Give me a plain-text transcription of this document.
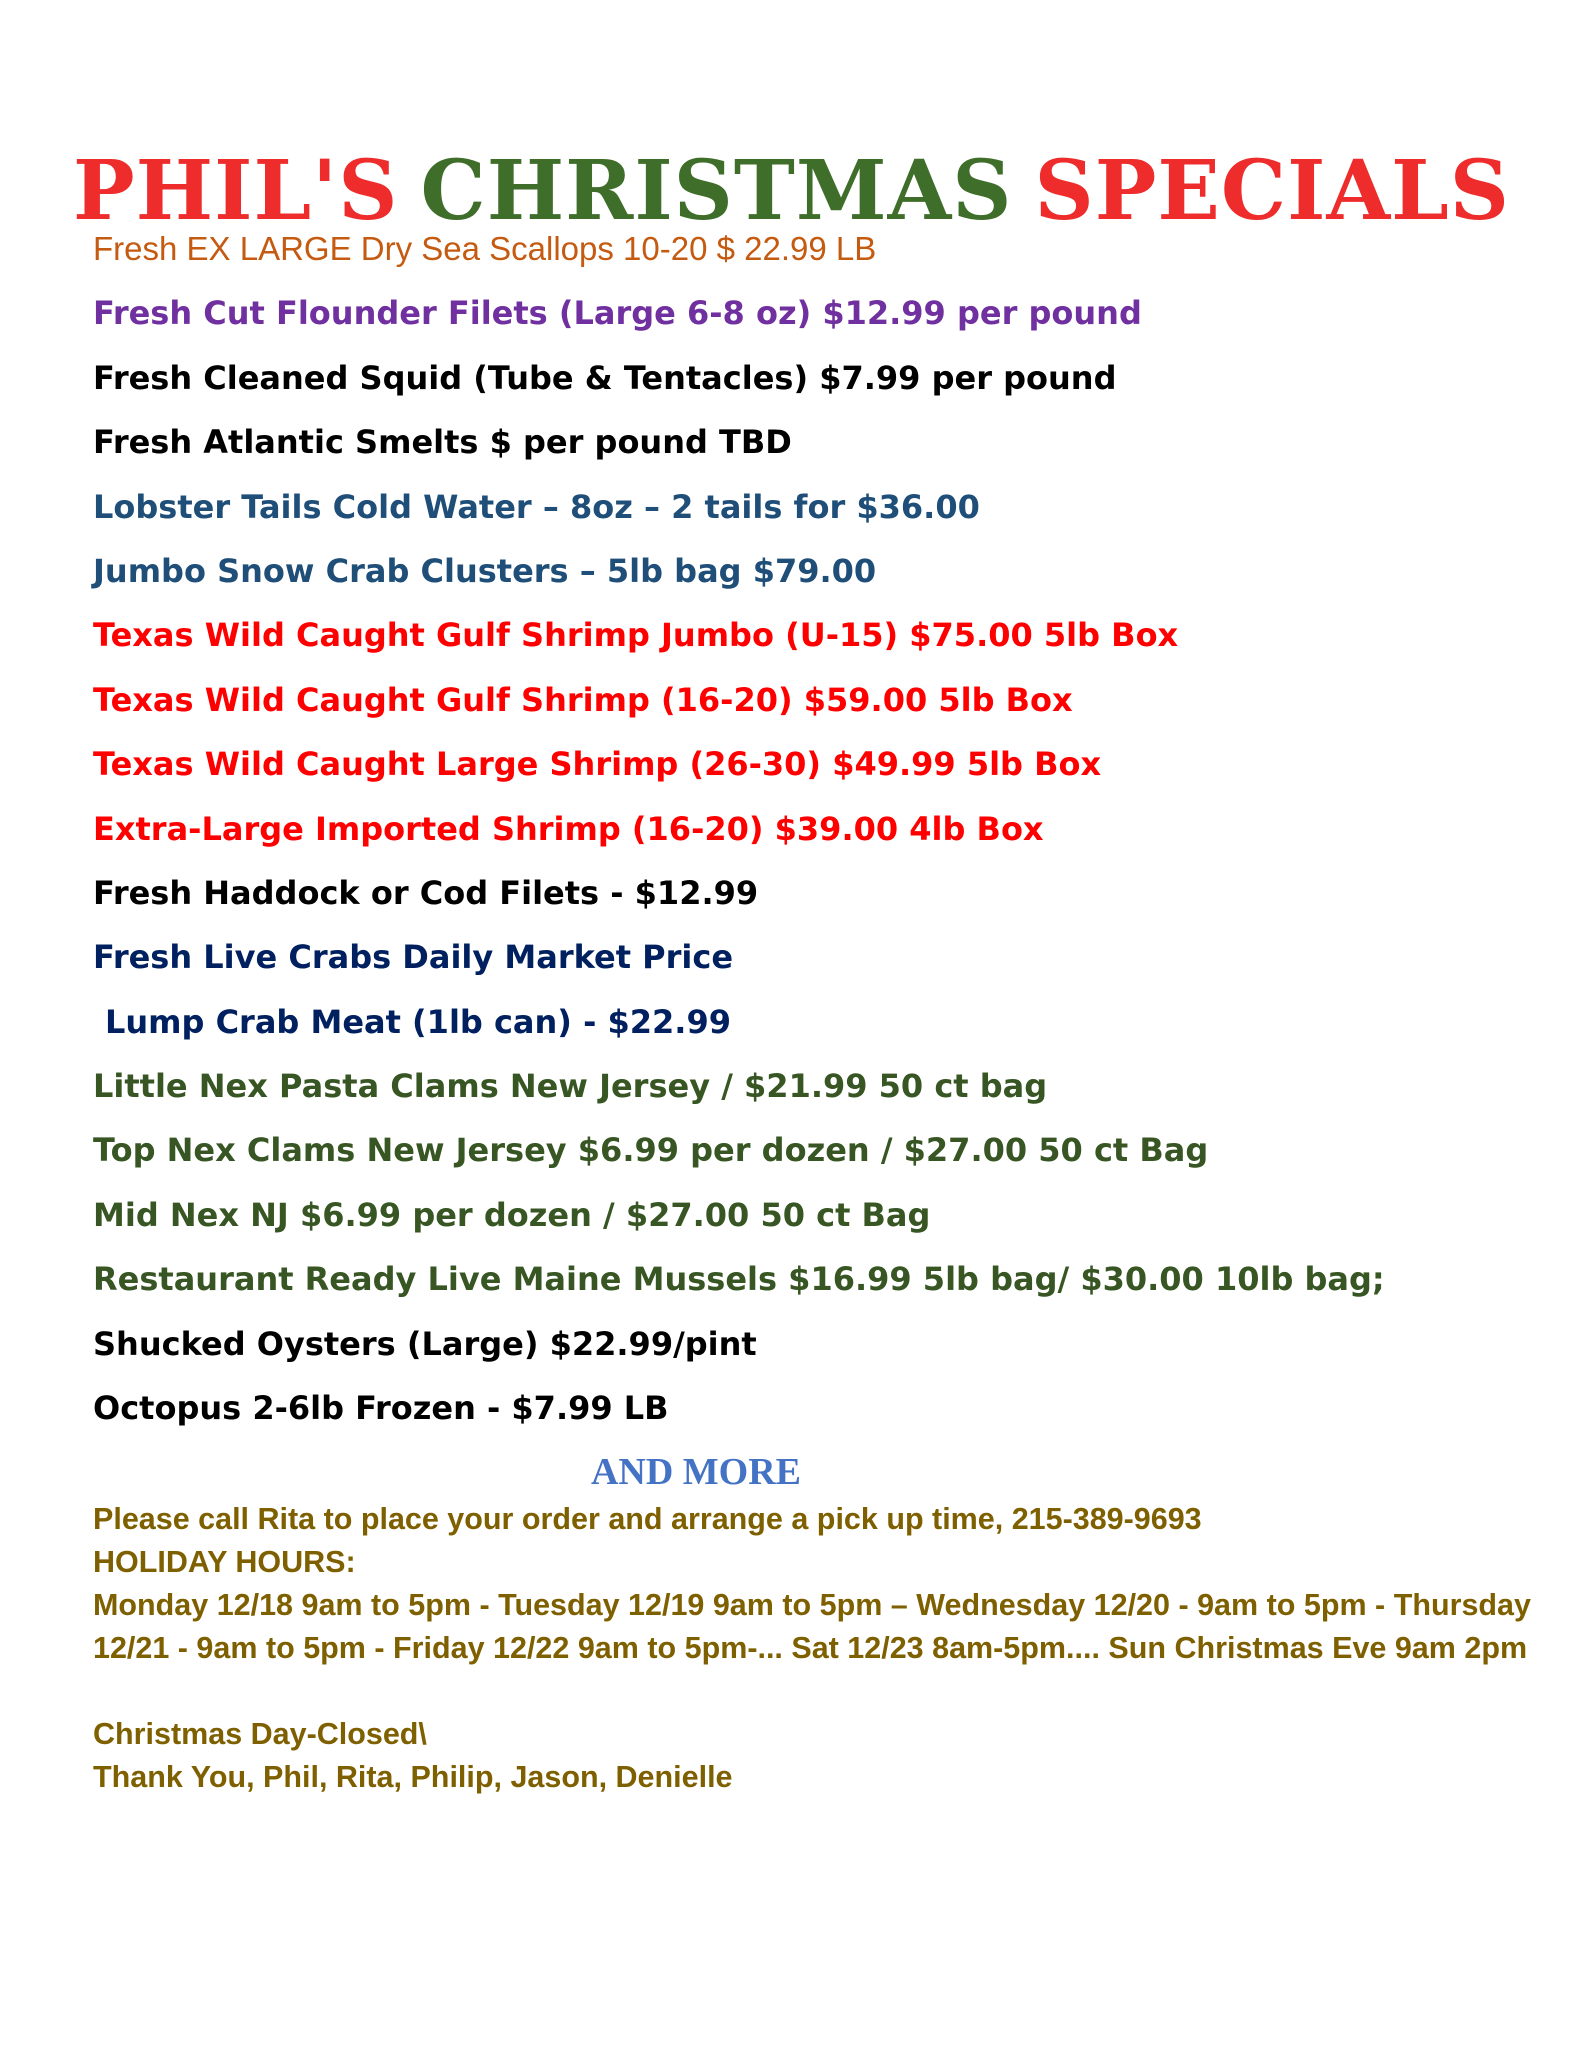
PHIL'S CHRISTMAS SPECIALS
Fresh EX LARGE Dry Sea Scallops 10-20 $ 22.99 LB
Fresh Cut Flounder Filets (Large 6-8 oz) $12.99 per pound
Fresh Cleaned Squid (Tube & Tentacles) $7.99 per pound
Fresh Atlantic Smelts $ per pound TBD
Lobster Tails Cold Water – 8oz – 2 tails for $36.00
Jumbo Snow Crab Clusters – 5lb bag $79.00
Texas Wild Caught Gulf Shrimp Jumbo (U-15) $75.00 5lb Box
Texas Wild Caught Gulf Shrimp (16-20) $59.00 5lb Box
Texas Wild Caught Large Shrimp (26-30) $49.99 5lb Box
Extra-Large Imported Shrimp (16-20) $39.00 4lb Box
Fresh Haddock or Cod Filets - $12.99
Fresh Live Crabs Daily Market Price
Lump Crab Meat (1lb can) - $22.99
Little Nex Pasta Clams New Jersey / $21.99 50 ct bag
Top Nex Clams New Jersey $6.99 per dozen / $27.00 50 ct Bag
Mid Nex NJ $6.99 per dozen / $27.00 50 ct Bag
Restaurant Ready Live Maine Mussels $16.99 5lb bag/ $30.00 10lb bag;
Shucked Oysters (Large) $22.99/pint
Octopus 2-6lb Frozen - $7.99 LB
AND MORE

Please call Rita to place your order and arrange a pick up time, 215-389-9693

HOLIDAY HOURS:

Monday 12/18 9am to 5pm - Tuesday 12/19 9am to 5pm – Wednesday 12/20 - 9am to 5pm - Thursday 12/21 - 9am to 5pm - Friday 12/22 9am to 5pm-... Sat 12/23 8am-5pm.... Sun Christmas Eve 9am 2pm

Christmas Day-Closed\

Thank You, Phil, Rita, Philip, Jason, Denielle
